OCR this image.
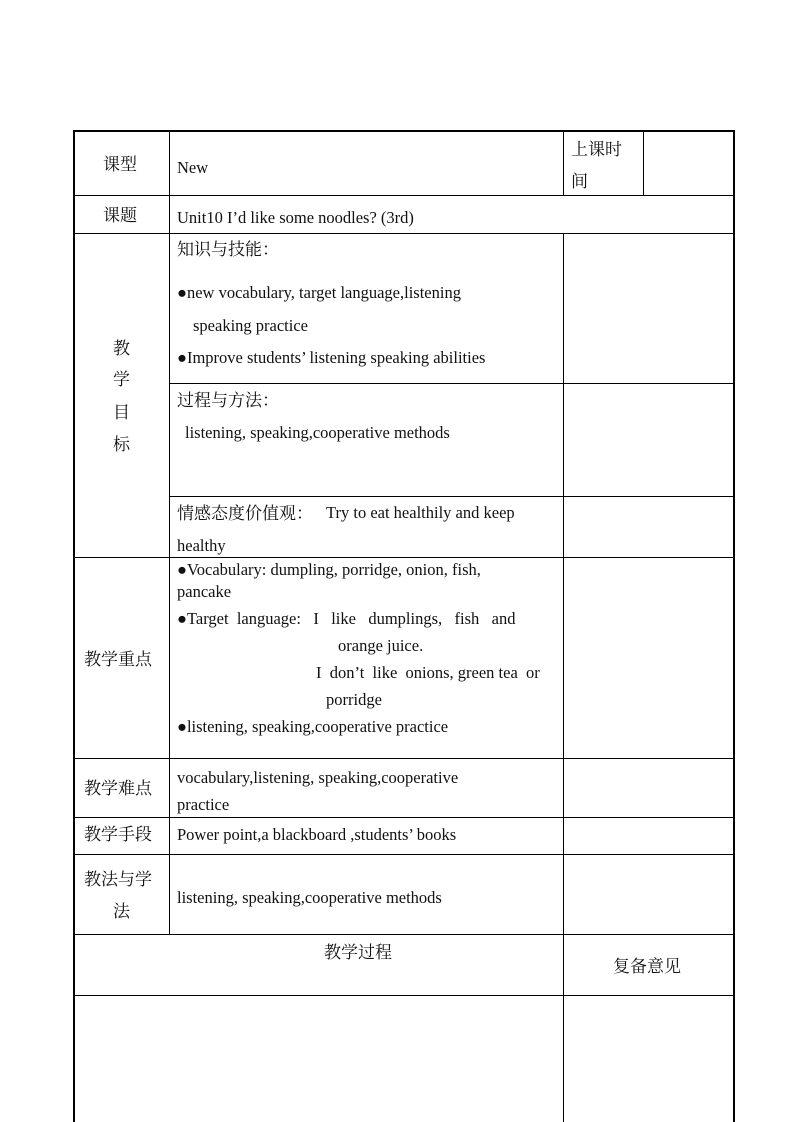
课型 New
上课时
间
课题 Unit10 I’d like some noodles? (3rd)
教
学
目
标
知识与技能：
●new vocabulary, target language,listening
speaking practice
●Improve students’ listening speaking abilities
过程与方法：
listening, speaking,cooperative methods
情感态度价值观： Try to eat healthily and keep
healthy
教学重点
●Vocabulary: dumpling, porridge, onion, fish,
pancake
●Target  language:   I   like   dumplings,   fish   and
orange juice.
I  don’t  like  onions, green tea  or
porridge
●listening, speaking,cooperative practice
教学难点
vocabulary,listening, speaking,cooperative
practice
教学手段 Power point,a blackboard ,students’ books
教法与学
法
listening, speaking,cooperative methods
教学过程
复备意见
